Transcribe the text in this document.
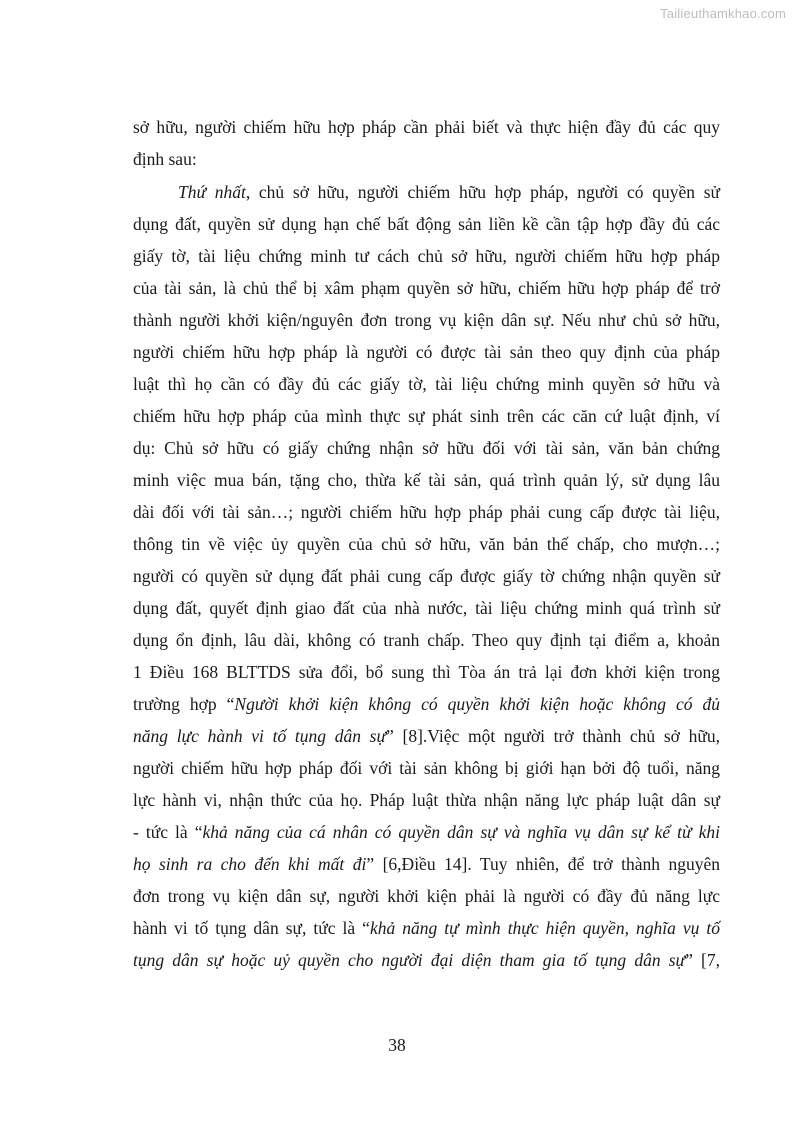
Tailieuthamkhao.com
sở hữu, người chiếm hữu hợp pháp cần phải biết và thực hiện đầy đủ các quy
định sau:
Thứ nhất, chủ sở hữu, người chiếm hữu hợp pháp, người có quyền sử
dụng đất, quyền sử dụng hạn chế bất động sản liền kề cần tập hợp đầy đủ các
giấy tờ, tài liệu chứng minh tư cách chủ sở hữu, người chiếm hữu hợp pháp
của tài sản, là chủ thể bị xâm phạm quyền sở hữu, chiếm hữu hợp pháp để trở
thành người khởi kiện/nguyên đơn trong vụ kiện dân sự. Nếu như chủ sở hữu,
người chiếm hữu hợp pháp là người có được tài sản theo quy định của pháp
luật thì họ cần có đầy đủ các giấy tờ, tài liệu chứng minh quyền sở hữu và
chiếm hữu hợp pháp của mình thực sự phát sinh trên các căn cứ luật định, ví
dụ: Chủ sở hữu có giấy chứng nhận sở hữu đối với tài sản, văn bản chứng
minh việc mua bán, tặng cho, thừa kế tài sản, quá trình quản lý, sử dụng lâu
dài đối với tài sản…; người chiếm hữu hợp pháp phải cung cấp được tài liệu,
thông tin về việc ủy quyền của chủ sở hữu, văn bản thế chấp, cho mượn…;
người có quyền sử dụng đất phải cung cấp được giấy tờ chứng nhận quyền sử
dụng đất, quyết định giao đất của nhà nước, tài liệu chứng minh quá trình sử
dụng ổn định, lâu dài, không có tranh chấp. Theo quy định tại điểm a, khoản
1 Điều 168 BLTTDS sửa đổi, bổ sung thì Tòa án trả lại đơn khởi kiện trong
trường hợp “Người khởi kiện không có quyền khởi kiện hoặc không có đủ
năng lực hành vi tố tụng dân sự” [8].Việc một người trở thành chủ sở hữu,
người chiếm hữu hợp pháp đối với tài sản không bị giới hạn bởi độ tuổi, năng
lực hành vi, nhận thức của họ. Pháp luật thừa nhận năng lực pháp luật dân sự
- tức là “khả năng của cá nhân có quyền dân sự và nghĩa vụ dân sự kể từ khi
họ sinh ra cho đến khi mất đi” [6,Điều 14]. Tuy nhiên, để trở thành nguyên
đơn trong vụ kiện dân sự, người khởi kiện phải là người có đầy đủ năng lực
hành vi tố tụng dân sự, tức là “khả năng tự mình thực hiện quyền, nghĩa vụ tố
tụng dân sự hoặc uỷ quyền cho người đại diện tham gia tố tụng dân sự” [7,
38
